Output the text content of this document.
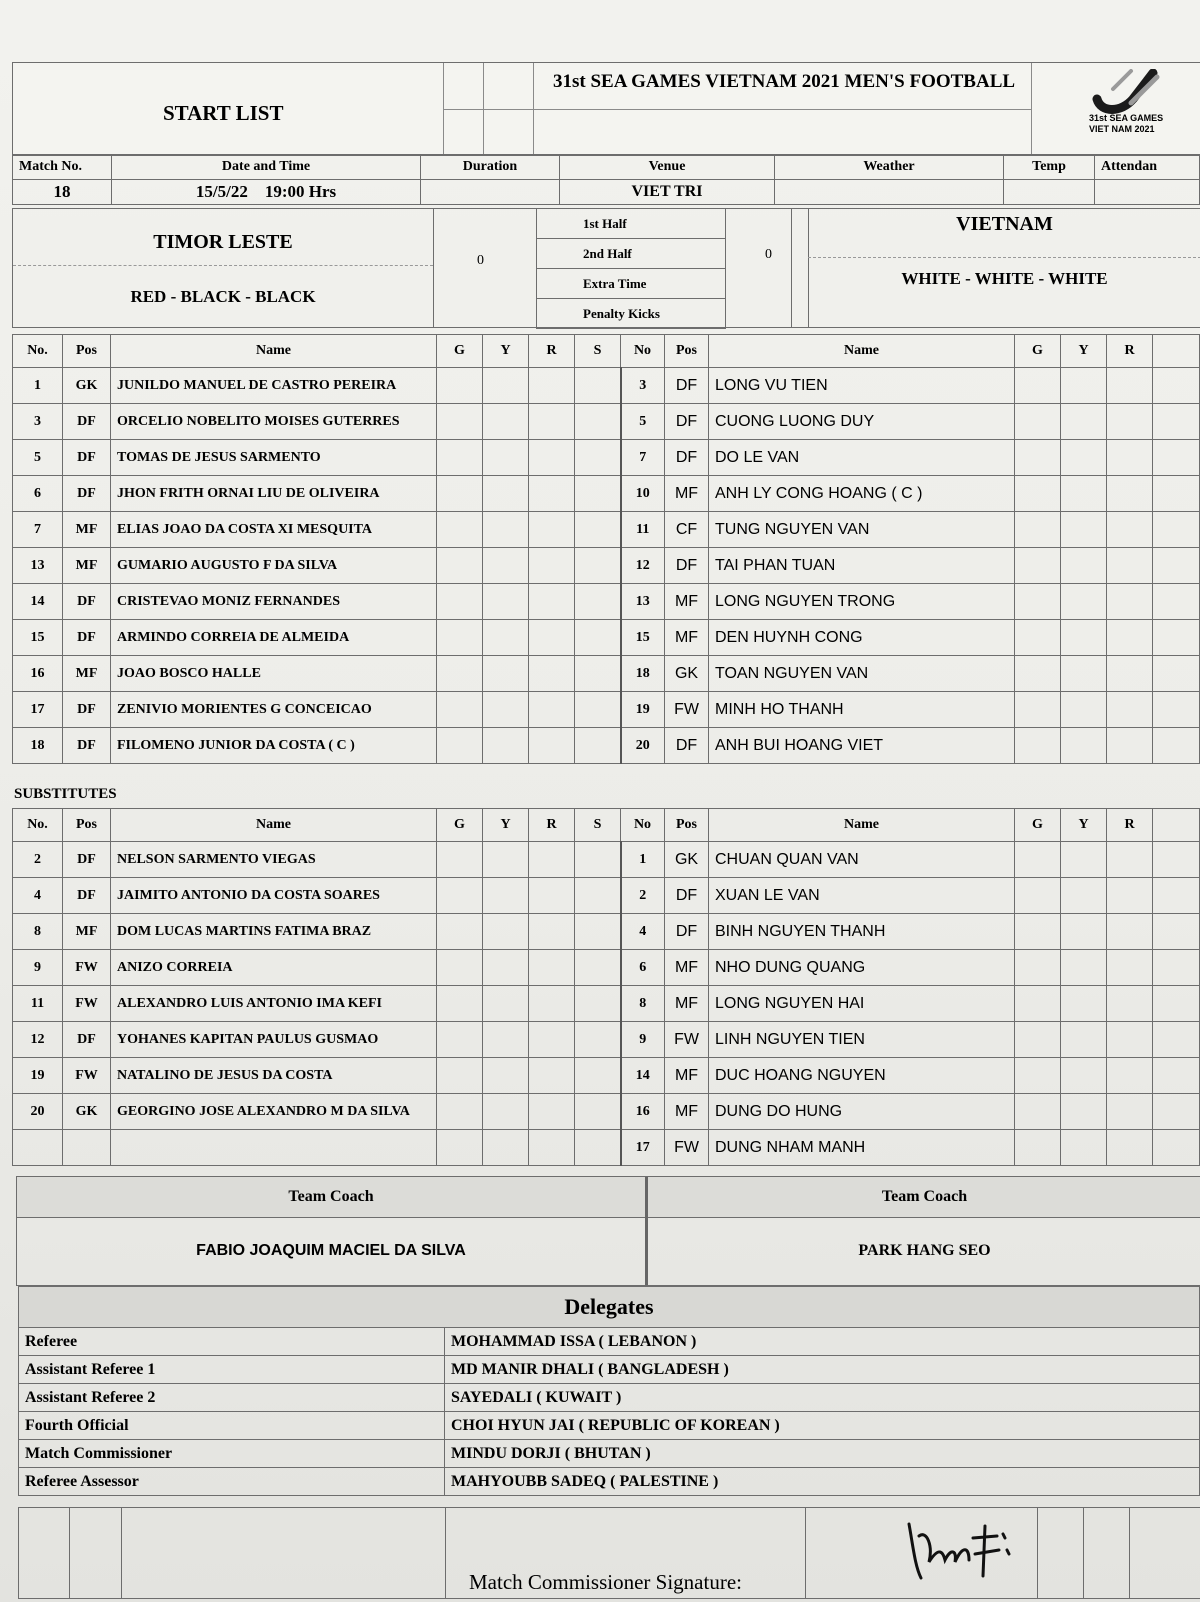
START LIST
31st SEA GAMES VIETNAM 2021 MEN'S FOOTBALL
31st SEA GAMES
VIET NAM 2021
Match No.	Date and Time	Duration	Venue	Weather	Temp	Attendan
18	15/5/22 19:00 Hrs		VIET TRI			
TIMOR LESTE
RED - BLACK - BLACK
0
1st Half
2nd Half
Extra Time
Penalty Kicks
0
VIETNAM
WHITE - WHITE - WHITE
No.	Pos	Name	G	Y	R	S	No	Pos	Name	G	Y	R	
1	GK	JUNILDO MANUEL DE CASTRO PEREIRA					3	DF	LONG VU TIEN				
3	DF	ORCELIO NOBELITO MOISES GUTERRES					5	DF	CUONG LUONG DUY				
5	DF	TOMAS DE JESUS SARMENTO					7	DF	DO LE VAN				
6	DF	JHON FRITH ORNAI LIU DE OLIVEIRA					10	MF	ANH LY CONG HOANG ( C )				
7	MF	ELIAS JOAO DA COSTA XI MESQUITA					11	CF	TUNG NGUYEN VAN				
13	MF	GUMARIO AUGUSTO F DA SILVA					12	DF	TAI PHAN TUAN				
14	DF	CRISTEVAO MONIZ FERNANDES					13	MF	LONG NGUYEN TRONG				
15	DF	ARMINDO CORREIA DE ALMEIDA					15	MF	DEN HUYNH CONG				
16	MF	JOAO BOSCO HALLE					18	GK	TOAN NGUYEN VAN				
17	DF	ZENIVIO MORIENTES G CONCEICAO					19	FW	MINH HO THANH				
18	DF	FILOMENO JUNIOR DA COSTA ( C )					20	DF	ANH BUI HOANG VIET				
SUBSTITUTES
No.	Pos	Name	G	Y	R	S	No	Pos	Name	G	Y	R	
2	DF	NELSON SARMENTO VIEGAS					1	GK	CHUAN QUAN VAN				
4	DF	JAIMITO ANTONIO DA COSTA SOARES					2	DF	XUAN LE VAN				
8	MF	DOM LUCAS MARTINS FATIMA BRAZ					4	DF	BINH NGUYEN THANH				
9	FW	ANIZO CORREIA					6	MF	NHO DUNG QUANG				
11	FW	ALEXANDRO LUIS ANTONIO IMA KEFI					8	MF	LONG NGUYEN HAI				
12	DF	YOHANES KAPITAN PAULUS GUSMAO					9	FW	LINH NGUYEN TIEN				
19	FW	NATALINO DE JESUS DA COSTA					14	MF	DUC HOANG NGUYEN				
20	GK	GEORGINO JOSE ALEXANDRO M DA SILVA					16	MF	DUNG DO HUNG				
							17	FW	DUNG NHAM MANH				
Team Coach
FABIO JOAQUIM MACIEL DA SILVA
Team Coach
PARK HANG SEO
Delegates	
Referee	MOHAMMAD ISSA ( LEBANON )
Assistant Referee 1	MD MANIR DHALI ( BANGLADESH )
Assistant Referee 2	SAYEDALI ( KUWAIT )
Fourth Official	CHOI HYUN JAI ( REPUBLIC OF KOREAN )
Match Commissioner	MINDU DORJI ( BHUTAN )
Referee Assessor	MAHYOUBB SADEQ ( PALESTINE )
Match Commissioner Signature:
